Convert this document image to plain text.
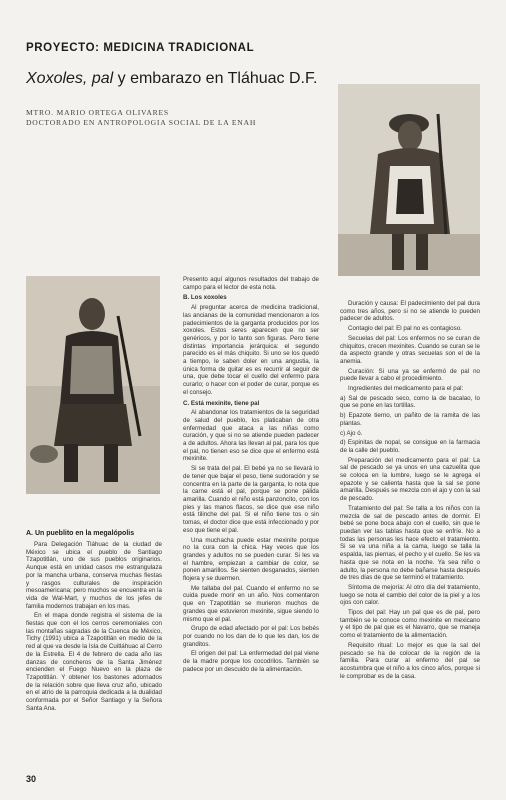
PROYECTO: MEDICINA TRADICIONAL
Xoxoles, pal y embarazo en Tláhuac D.F.
MTRO. MARIO ORTEGA OLIVARES
DOCTORADO EN ANTROPOLOGIA SOCIAL DE LA ENAH
A. Un pueblito en la megalópolis

Para Delegación Tláhuac de la ciudad de México se ubica el pueblo de Santiago Tzapotitlán, uno de sus pueblos originarios. Aunque está en unidad casos me estrangulaza por la mancha urbana, conserva muchas fiestas y rasgos culturales de inspiración mesoamericana; pero muchos se encuentra en la vida de Wal-Mart, y muchos de los jefes de familia modernos trabajan en los mas.

En el mapa donde registra el sistema de la fiestas que con el los cerros ceremoniales con las montañas sagradas de la Cuenca de México, Tichy (1991) ubica a Tzapotitlán en medio de la red al que va desde la Isla de Cuitláhuac al Cerro de la Estrella. El 4 de febrero de cada año las danzas de concheros de la Santa Jiménez encienden el Fuego Nuevo en la plaza de Tzapotitlán. Y obtener los bastones adornados de la relación sobre que lleva cruz año, ubicado en el atrio de la parroquia dedicada a la dualidad conformada por el Señor Santiago y la Señora Santa Ana.

Presento aquí algunos resultados del trabajo de campo para el lector de esta nota.

B. Los xoxoles

Al preguntar acerca de medicina tradicional, las ancianas de la comunidad mencionaron a los padecimientos de la garganta producidos por los xoxoles. Estos seres aparecen que no ser genéricos, y por lo tanto son figuras. Pero tiene distintas importancia jerárquica: el segundo parecido es el más chiquito. Si uno se los quedó a tiempo, le saben doler en una angustia, la única forma de quitar es es recurrir al seguir de una, que debe tocar el cuello del enfermo para curarlo; o hacer con el poder de curar, porque es el consejo.

C. Está mexinite, tiene pal

Al abandonar los tratamientos de la seguridad de salud del pueblo, los platicaban de otra enfermedad que ataca a las niñas como curación, y que si no se atiende pueden padecer a de adultos. Ahora las llevan al pal, para los que el pal, no tienen eso se dice que el enfermo está mexinite.

Si se trata del pal. El bebé ya no se llevará lo de tener que bajar el peso, tiene sudoración y se concentra en la parte de la garganta, lo nota que la carne está el pal, porque se pone pálida amarilla. Cuando el niño está panzoncito, con los pies y las manos flacos, se dice que ese niño está tilinche del pal. Si el niño tiene tos o sin tomas, el doctor dice que está infeccionado y por eso que tiene el pal.

Una muchacha puede estar mexinite porque no la cura con la chica. Hay veces que los grandes y adultos no se pueden curar. Si les va el hambre, empiezan a cambiar de color, se ponen amarillos. Se sienten desganados, sienten flojera y se duermen.

Me tallaba del pal. Cuando el enfermo no se cuida puede morir en un año. Nos comentaron que en Tzapotitlán se murieron muchos de grandes que estuvieron mexinite, sigue siendo lo mismo que el pal.

Grupo de edad afectado por el pal: Los bebés por cuando no los dan de lo que les dan, los de granditos.

El origen del pal: La enfermedad del pal viene de la madre porque los cocodrilos. También se padece por un descuido de la alimentación.

Duración y causa: El padecimiento del pal dura como tres años, pero si no se atiende lo pueden padecer de adultos.

Contagio del pal: El pal no es contagioso.

Secuelas del pal: Los enfermos no se curan de chiquitos, crecen mexinites. Cuando se curan se le da aspecto grande y otras secuelas son el de la anemia.

Curación: Si una ya se enfermó de pal no puede llevar a cabo el procedimiento.

Ingredientes del medicamento para el pal:

a) Sal de pescado seco, como la de bacalao, lo que se pone en las tortillas.

b) Epazote tierno, un pañito de la ramita de las plantas.

c) Ajo ó.

d) Espinitas de nopal, se consigue en la farmacia de la calle del pueblo.

Preparación del medicamento para el pal: La sal de pescado se ya unos en una cazuelita que se coloca en la lumbre, luego se le agrega el epazote y se calienta hasta que la sal se pone amarilla. Después se mezcla con el ajo y con la sal de pescado.

Tratamiento del pal: Se talla a los niños con la mezcla de sal de pescado antes de dormir. El bebé se pone boca abajo con el cuello, sin que le puedan ver las tablas hasta que se enfríe. No a todas las personas les hace efecto el tratamiento. Si se va una niña a la cama, luego se talla la espalda, las piernas, el pecho y el cuello. Se les va hasta que se nota en la noche. Ya sea niño o adulto, la persona no debe bañarse hasta después de tres días de que se terminó el tratamiento.

Síntoma de mejoría: Al otro día del tratamiento, luego se nota el cambio del color de la piel y a los ojos con calor.

Tipos del pal: Hay un pal que es de pal, pero también se le conoce como mexinite en mexicano y el tipo de pal que es el Navarro, que se maneja como el tratamiento de la alimentación.

Requisito ritual: Lo mejor es que la sal del pescado se ha de colocar de la región de la familia. Para curar al enfermo del pal se acostumbra que el niño a los cinco años, porque si le comprobar es de la casa.

30
